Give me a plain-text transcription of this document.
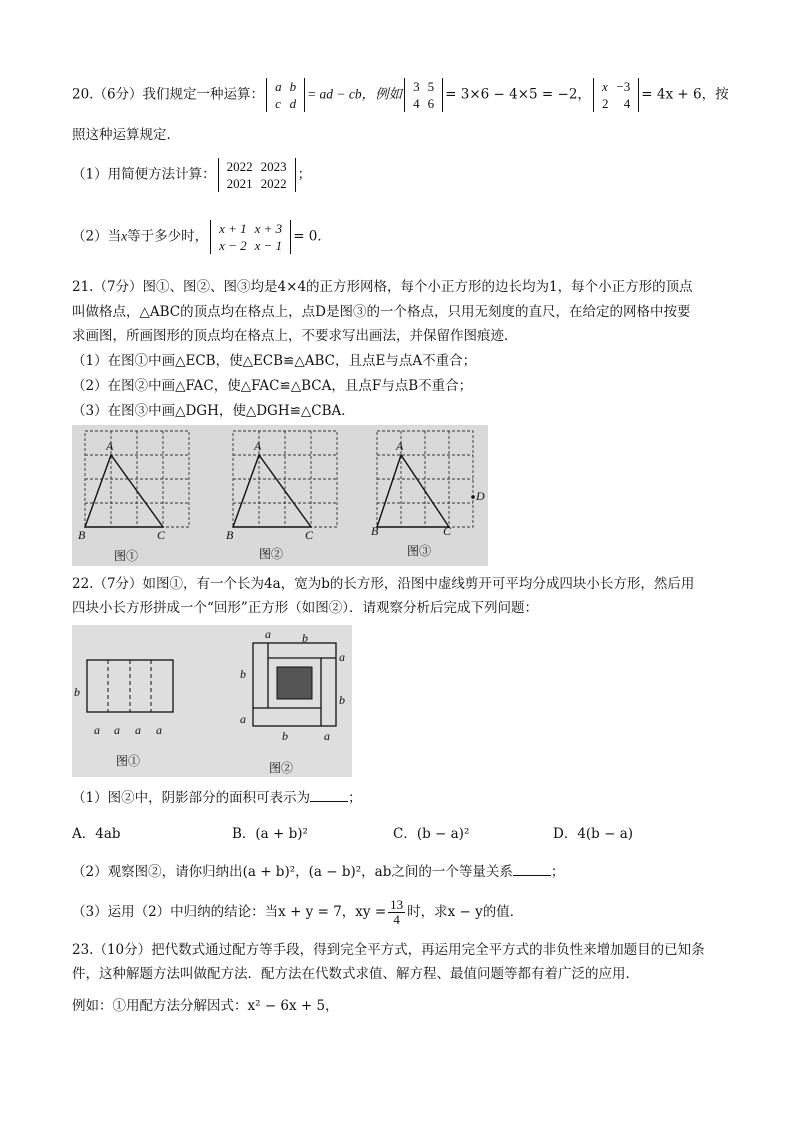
20.（6分）我们规定一种运算： a	b
c	d
= ad − cb，例如 3	5
4	6
= 3×6 − 4×5 = −2， x	−3
2	4
= 4x + 6，按
照这种运算规定．
（1）用简便方法计算： 2022	2023
2021	2022
；
（2）当x等于多少时， x + 1	x + 3
x − 2	x − 1
= 0．
21.（7分）图①、图②、图③均是4×4的正方形网格，每个小正方形的边长均为1，每个小正方形的顶点
叫做格点，△ABC的顶点均在格点上，点D是图③的一个格点，只用无刻度的直尺，在给定的网格中按要
求画图，所画图形的顶点均在格点上，不要求写出画法，并保留作图痕迹．
（1）在图①中画△ECB，使△ECB≌△ABC，且点E与点A不重合；
（2）在图②中画△FAC，使△FAC≌△BCA，且点F与点B不重合；
（3）在图③中画△DGH，使△DGH≌△CBA．
A
B	C
图①
A
B	C
图②
A
B	C
D
图③
22.（7分）如图①，有一个长为4a，宽为b的长方形，沿图中虚线剪开可平均分成四块小长方形，然后用
四块小长方形拼成一个“回形”正方形（如图②）．请观察分析后完成下列问题：
b
a a a a
图①
a	b
a
b
b
a
b	a
图②
（1）图②中，阴影部分的面积可表示为	；
A．4ab	B．(a + b)²	C．(b − a)²	D．4(b − a)
（2）观察图②，请你归纳出(a + b)²，(a − b)²，ab之间的一个等量关系	；
（3）运用（2）中归纳的结论：当x + y = 7，xy = $\frac{13}{4}$ 时，求x − y的值．
23.（10分）把代数式通过配方等手段，得到完全平方式，再运用完全平方式的非负性来增加题目的已知条
件，这种解题方法叫做配方法．配方法在代数式求值、解方程、最值问题等都有着广泛的应用．
例如：①用配方法分解因式：x² − 6x + 5，
